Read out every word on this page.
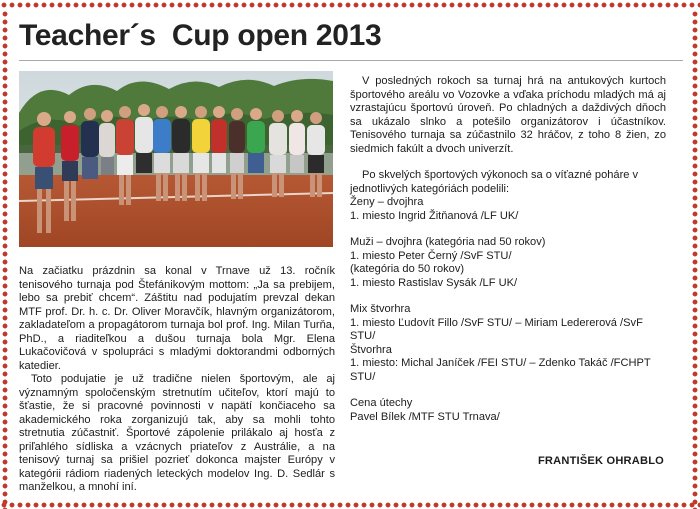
Teacher´s  Cup open 2013

Na začiatku prázdnin sa konal v Trnave už 13. ročník tenisového turnaja pod Štefánikovým mottom: „Ja sa prebijem, lebo sa prebiť chcem“. Záštitu nad podujatím prevzal dekan MTF prof. Dr. h. c. Dr. Oliver Moravčík, hlavným organizátorom, zakladateľom a propagátorom turnaja bol prof. Ing. Milan Turňa, PhD., a riaditeľkou a dušou turnaja bola Mgr. Elena Lukačovičová v spolupráci s mladými doktorandmi odborných katedier.

Toto podujatie je už tradične nielen športovým, ale aj významným spoločenským stretnutím učiteľov, ktorí majú to šťastie, že si pracovné povinnosti v napätí končiaceho sa akademického roka zorganizujú tak, aby sa mohli tohto stretnutia zúčastniť. Športové zápolenie prilákalo aj hosťa z priľahlého sídliska a vzácnych priateľov z Austrálie, a na tenisový turnaj sa prišiel pozrieť dokonca majster Európy v kategórii rádiom riadených leteckých modelov Ing. D. Sedlár s manželkou, a mnohí iní.

V posledných rokoch sa turnaj hrá na antukových kurtoch športového areálu vo Vozovke a vďaka príchodu mladých má aj vzrastajúcu športovú úroveň. Po chladných a daždivých dňoch sa ukázalo slnko a potešilo organizátorov i účastníkov. Tenisového turnaja sa zúčastnilo 32 hráčov, z toho 8 žien, zo siedmich fakúlt a dvoch univerzít.

Po skvelých športových výkonoch sa o víťazné poháre v jednotlivých kategóriách podelili:

Ženy – dvojhra
1. miesto Ingrid Žitňanová /LF UK/
Muži – dvojhra (kategória nad 50 rokov)
1. miesto Peter Černý /SvF STU/
(kategória do 50 rokov)
1. miesto Rastislav Sysák /LF UK/
Mix štvorhra
1. miesto Ľudovít Fillo /SvF STU/ – Miriam Ledererová /SvF STU/
Štvorhra
1. miesto: Michal Janíček /FEI STU/ – Zdenko Takáč /FCHPT STU/
Cena útechy
Pavel Bílek /MTF STU Trnava/
FRANTIŠEK OHRABLO
